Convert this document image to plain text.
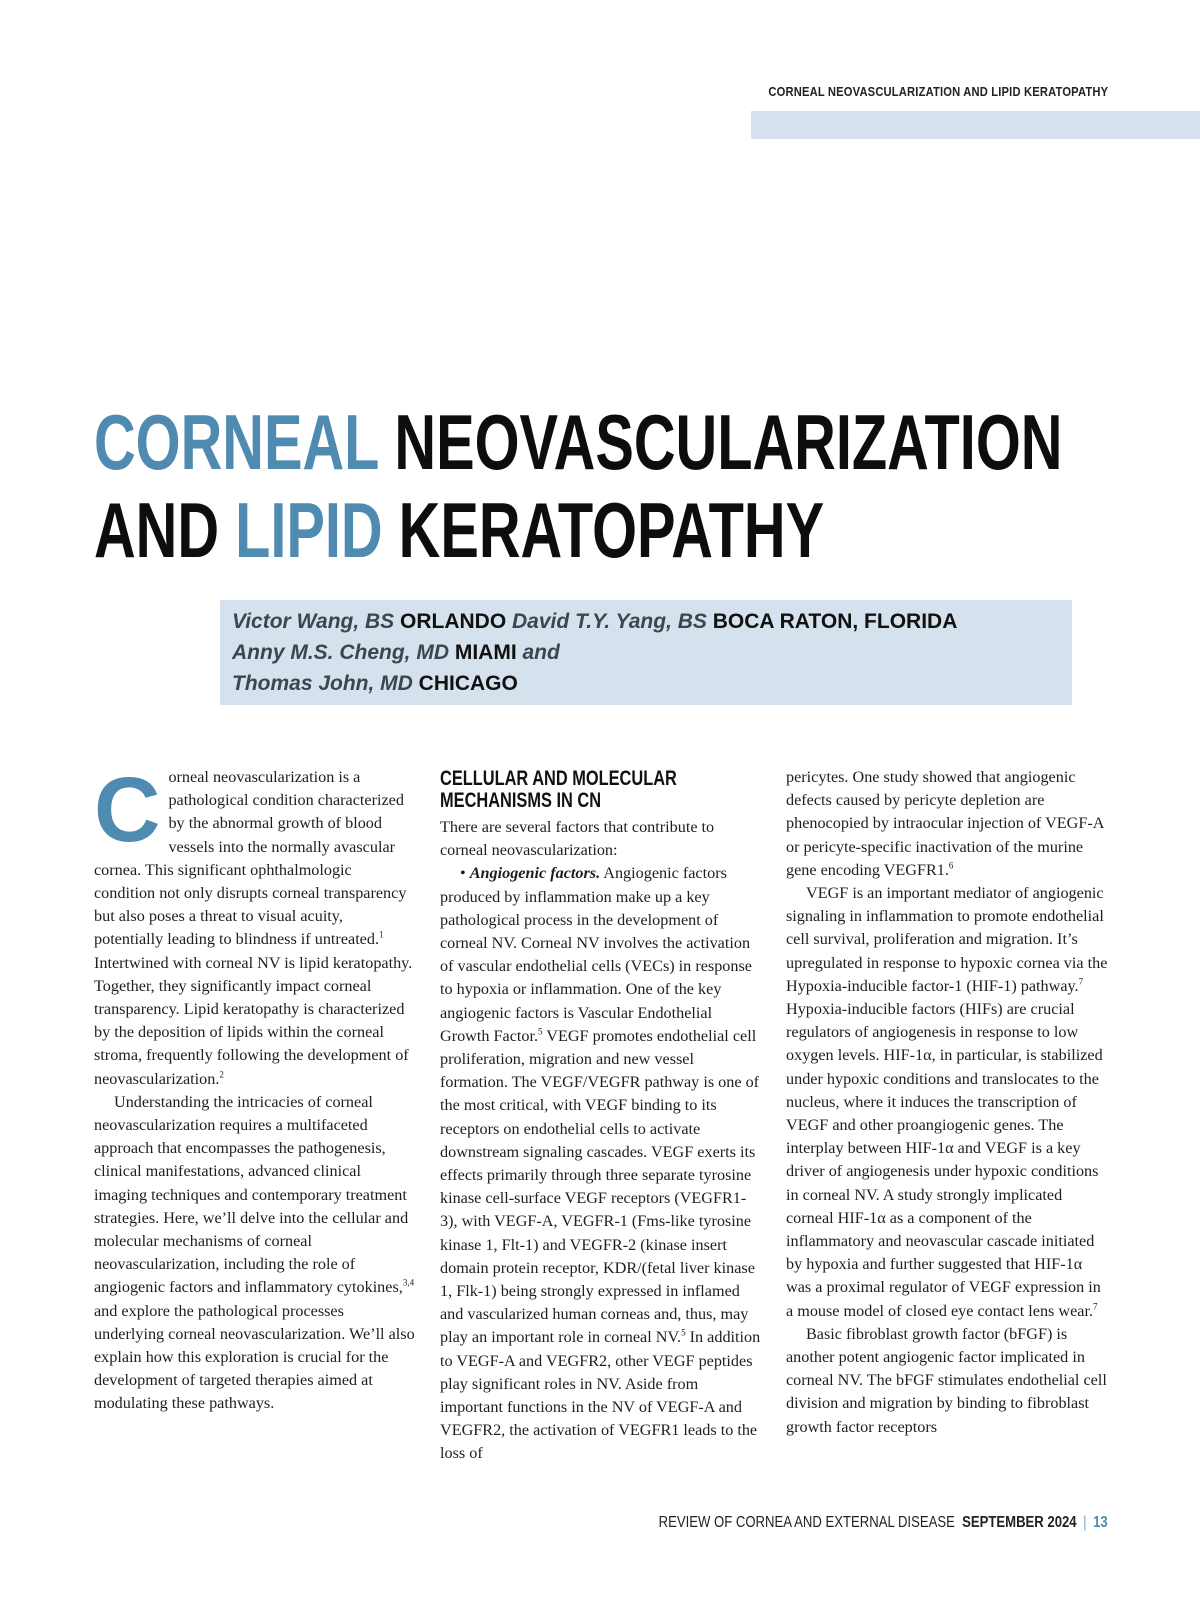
CORNEAL NEOVASCULARIZATION AND LIPID KERATOPATHY
CORNEAL NEOVASCULARIZATION
AND LIPID KERATOPATHY
Victor Wang, BS ORLANDO David T.Y. Yang, BS BOCA RATON, FLORIDA
Anny M.S. Cheng, MD MIAMI and
Thomas John, MD CHICAGO

Corneal neovascularization is a pathological condition characterized by the abnormal growth of blood vessels into the normally avascular cornea. This significant ophthalmologic condition not only disrupts corneal transparency but also poses a threat to visual acuity, potentially leading to blindness if untreated.$^1$ Intertwined with corneal NV is lipid keratopathy. Together, they significantly impact corneal transparency. Lipid keratopathy is characterized by the deposition of lipids within the corneal stroma, frequently following the development of neovascularization.$^2$

Understanding the intricacies of corneal neovascularization requires a multifaceted approach that encompasses the pathogenesis, clinical manifestations, advanced clinical imaging techniques and contemporary treatment strategies. Here, we’ll delve into the cellular and molecular mechanisms of corneal neovascularization, including the role of angiogenic factors and inflammatory cytokines,$^{3,4}$ and explore the pathological processes underlying corneal neovascularization. We’ll also explain how this exploration is crucial for the development of targeted therapies aimed at modulating these pathways.

CELLULAR AND MOLECULAR
MECHANISMS IN CN

There are several factors that contribute to corneal neovascularization:

• Angiogenic factors. Angiogenic factors produced by inflammation make up a key pathological process in the development of corneal NV. Corneal NV involves the activation of vascular endothelial cells (VECs) in response to hypoxia or inflammation. One of the key angiogenic factors is Vascular Endothelial Growth Factor.$^5$ VEGF promotes endothelial cell proliferation, migration and new vessel formation. The VEGF/VEGFR pathway is one of the most critical, with VEGF binding to its receptors on endothelial cells to activate downstream signaling cascades. VEGF exerts its effects primarily through three separate tyrosine kinase cell-surface VEGF receptors (VEGFR1-3), with VEGF-A, VEGFR-1 (Fms-like tyrosine kinase 1, Flt-1) and VEGFR-2 (kinase insert domain protein receptor, KDR/(fetal liver kinase 1, Flk-1) being strongly expressed in inflamed and vascularized human corneas and, thus, may play an important role in corneal NV.$^5$ In addition to VEGF-A and VEGFR2, other VEGF peptides play significant roles in NV. Aside from important functions in the NV of VEGF-A and VEGFR2, the activation of VEGFR1 leads to the loss of

pericytes. One study showed that angiogenic defects caused by pericyte depletion are phenocopied by intraocular injection of VEGF-A or pericyte-specific inactivation of the murine gene encoding VEGFR1.$^6$

VEGF is an important mediator of angiogenic signaling in inflammation to promote endothelial cell survival, proliferation and migration. It’s upregulated in response to hypoxic cornea via the Hypoxia-inducible factor-1 (HIF-1) pathway.$^7$ Hypoxia-inducible factors (HIFs) are crucial regulators of angiogenesis in response to low oxygen levels. HIF-1α, in particular, is stabilized under hypoxic conditions and translocates to the nucleus, where it induces the transcription of VEGF and other proangiogenic genes. The interplay between HIF-1α and VEGF is a key driver of angiogenesis under hypoxic conditions in corneal NV. A study strongly implicated corneal HIF-1α as a component of the inflammatory and neovascular cascade initiated by hypoxia and further suggested that HIF-1α was a proximal regulator of VEGF expression in a mouse model of closed eye contact lens wear.$^7$

Basic fibroblast growth factor (bFGF) is another potent angiogenic factor implicated in corneal NV. The bFGF stimulates endothelial cell division and migration by binding to fibroblast growth factor receptors

REVIEW OF CORNEA AND EXTERNAL DISEASE SEPTEMBER 2024 | 13
